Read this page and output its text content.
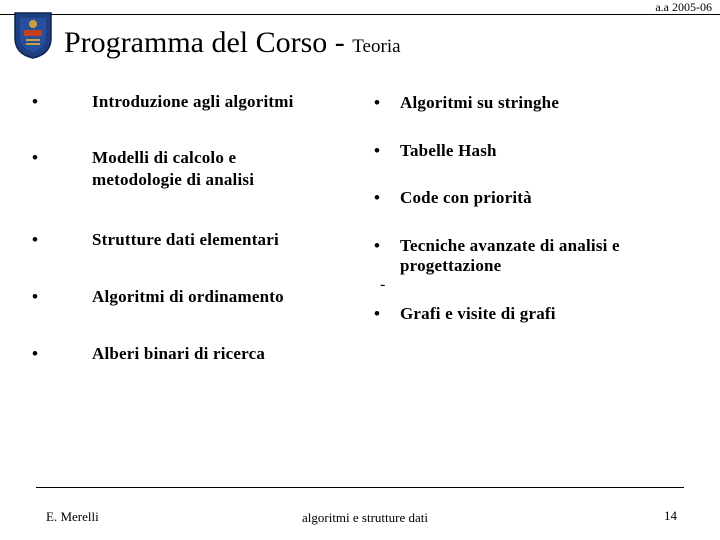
a.a 2005-06
Programma del Corso - Teoria
•	Introduzione agli algoritmi
•	Modelli di calcolo e
metodologie di analisi
•	Strutture dati elementari
•	Algoritmi di ordinamento
•	Alberi binari di ricerca
• Algoritmi su stringhe
• Tabelle Hash
• Code con priorità
• Tecniche avanzate di analisi e
progettazione
-
• Grafi e visite di grafi
E. Merelli	algoritmi e strutture dati	14
